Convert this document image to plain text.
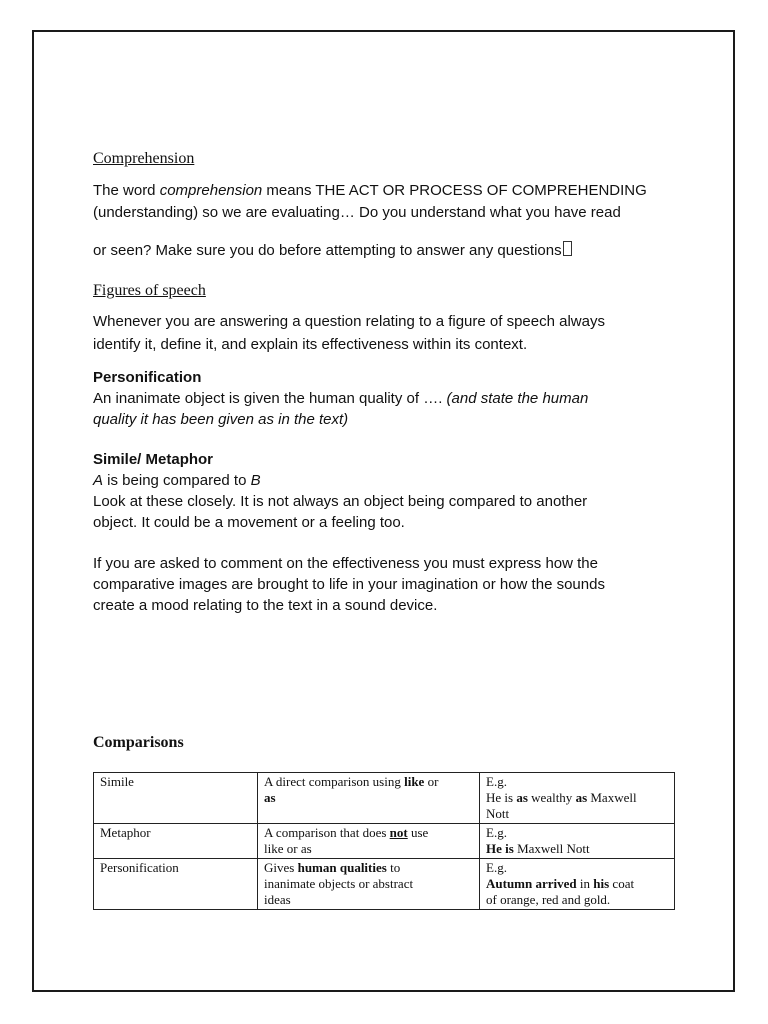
Comprehension
The word comprehension means THE ACT OR PROCESS OF COMPREHENDING
(understanding) so we are evaluating… Do you understand what you have read
or seen? Make sure you do before attempting to answer any questions
Figures of speech
Whenever you are answering a question relating to a figure of speech always
identify it, define it, and explain its effectiveness within its context.
Personification
An inanimate object is given the human quality of …. (and state the human
quality it has been given as in the text)
Simile/ Metaphor
A is being compared to B
Look at these closely. It is not always an object being compared to another
object. It could be a movement or a feeling too.
If you are asked to comment on the effectiveness you must express how the
comparative images are brought to life in your imagination or how the sounds
create a mood relating to the text in a sound device.
Comparisons
Simile	A direct comparison using like or
as	E.g.
He is as wealthy as Maxwell
Nott
Metaphor	A comparison that does not use
like or as	E.g.
He is Maxwell Nott
Personification	Gives human qualities to
inanimate objects or abstract
ideas	E.g.
Autumn arrived in his coat
of orange, red and gold.
